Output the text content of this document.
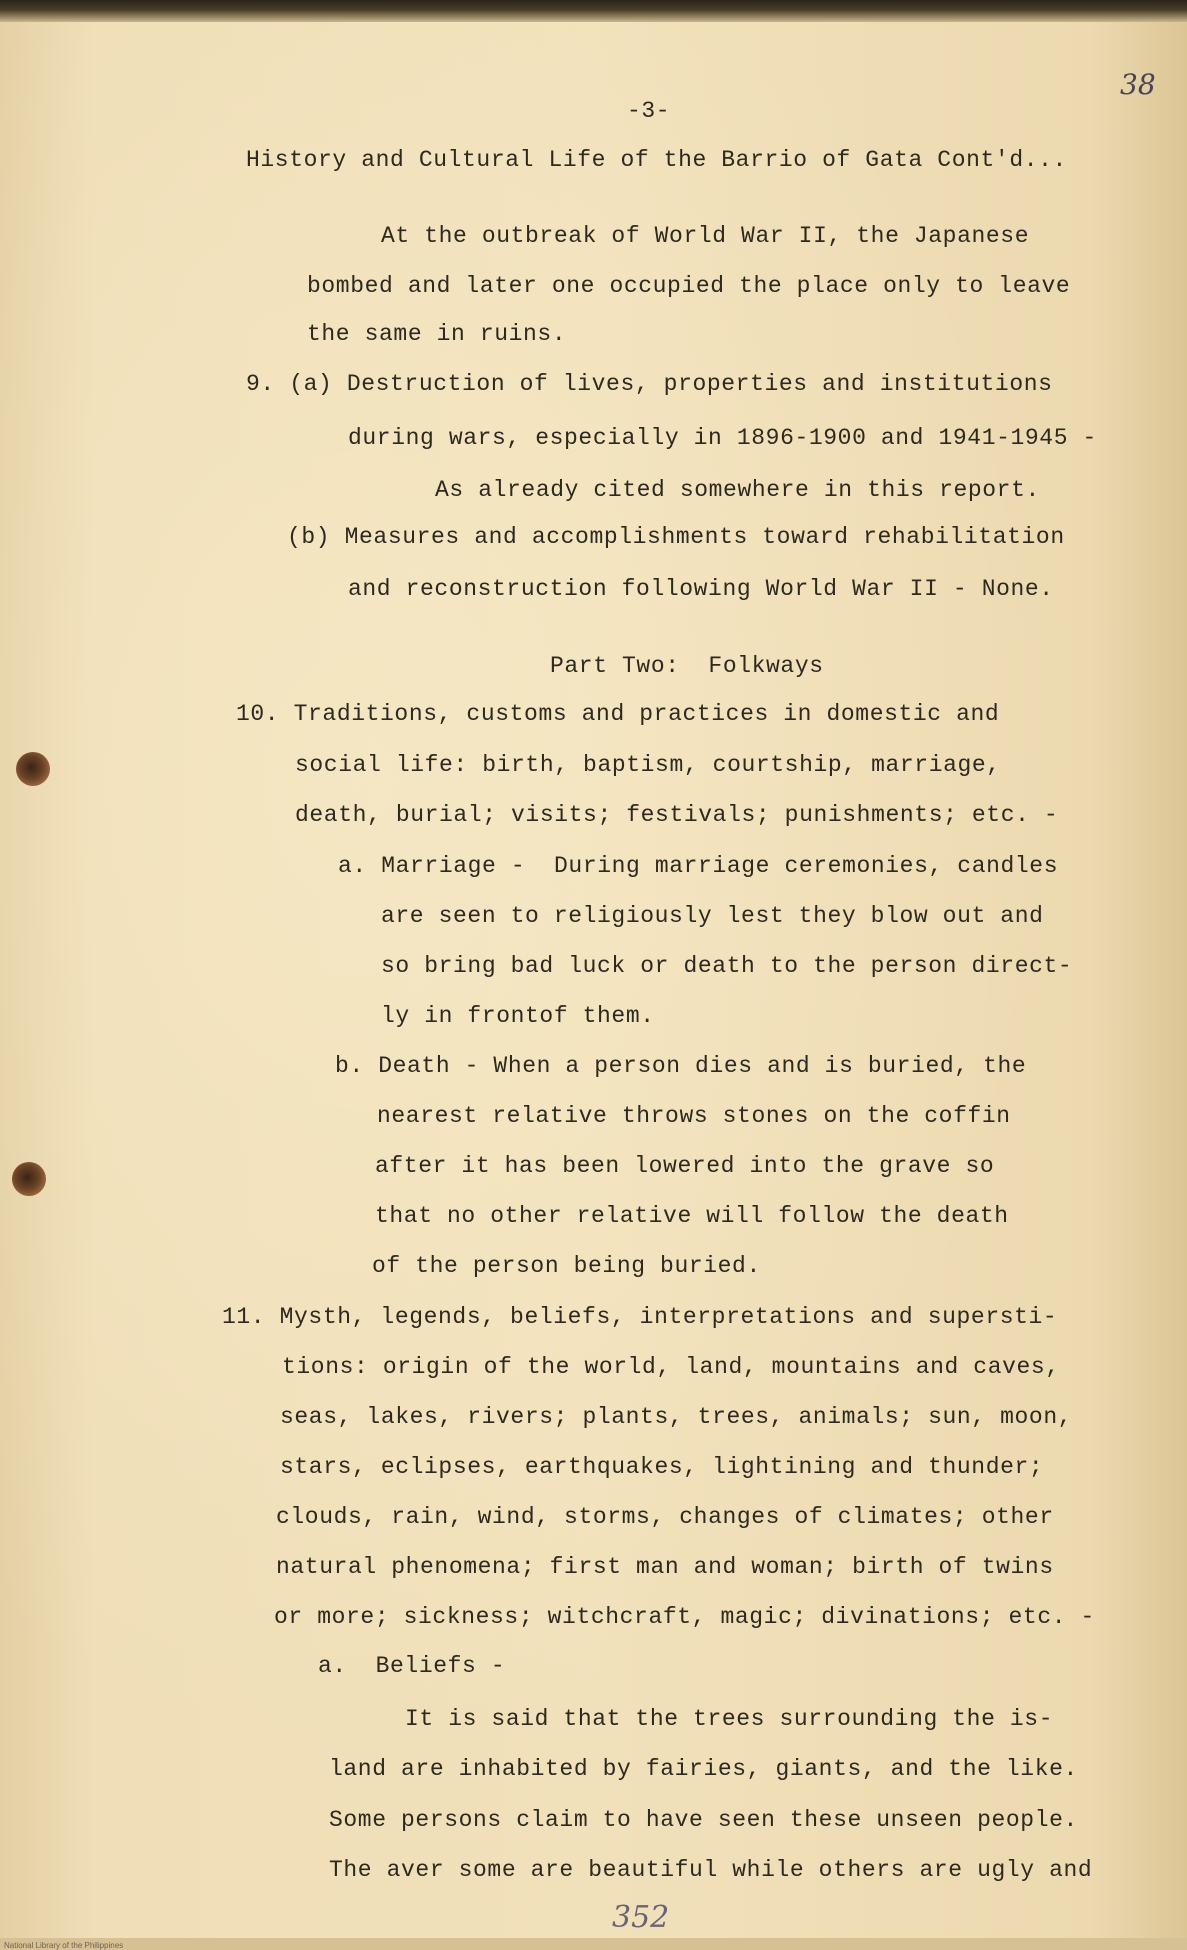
-3-
38
History and Cultural Life of the Barrio of Gata Cont'd...
At the outbreak of World War II, the Japanese
bombed and later one occupied the place only to leave
the same in ruins.
9. (a) Destruction of lives, properties and institutions
during wars, especially in 1896-1900 and 1941-1945 -
As already cited somewhere in this report.
(b) Measures and accomplishments toward rehabilitation
and reconstruction following World War II - None.
Part Two:  Folkways
10. Traditions, customs and practices in domestic and
social life: birth, baptism, courtship, marriage,
death, burial; visits; festivals; punishments; etc. -
a. Marriage -  During marriage ceremonies, candles
are seen to religiously lest they blow out and
so bring bad luck or death to the person direct-
ly in frontof them.
b. Death - When a person dies and is buried, the
nearest relative throws stones on the coffin
after it has been lowered into the grave so
that no other relative will follow the death
of the person being buried.
11. Mysth, legends, beliefs, interpretations and supersti-
tions: origin of the world, land, mountains and caves,
seas, lakes, rivers; plants, trees, animals; sun, moon,
stars, eclipses, earthquakes, lightining and thunder;
clouds, rain, wind, storms, changes of climates; other
natural phenomena; first man and woman; birth of twins
or more; sickness; witchcraft, magic; divinations; etc. -
a.  Beliefs -
It is said that the trees surrounding the is-
land are inhabited by fairies, giants, and the like.
Some persons claim to have seen these unseen people.
The aver some are beautiful while others are ugly and
352
National Library of the Philippines
